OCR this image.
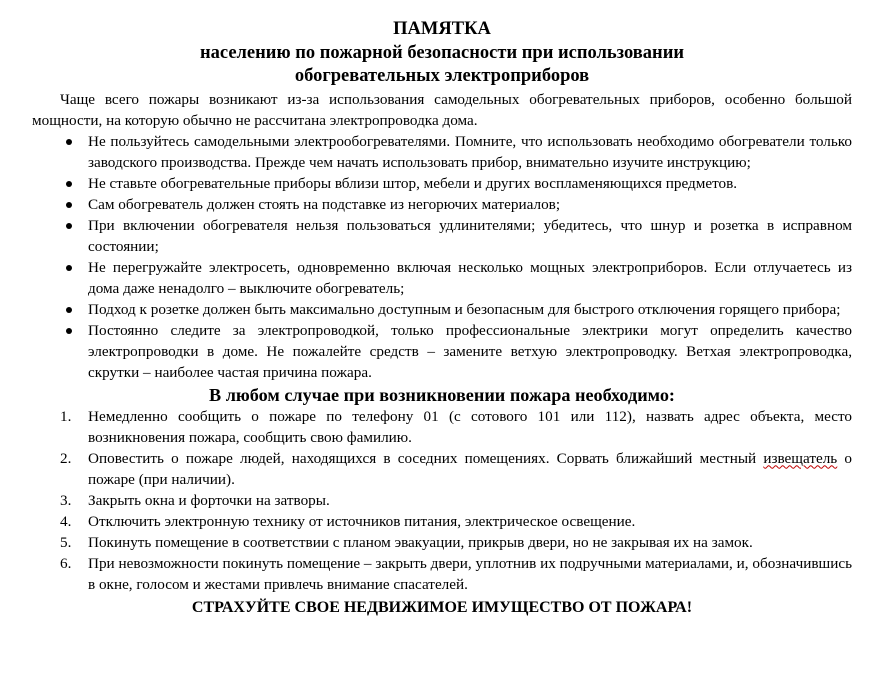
ПАМЯТКА

населению по пожарной безопасности при использовании

обогревательных электроприборов

Чаще всего пожары возникают из-за использования самодельных обогревательных приборов, особенно большой мощности, на которую обычно не рассчитана электропроводка дома.

Не пользуйтесь самодельными электрообогревателями. Помните, что использовать необходимо обогреватели только заводского производства. Прежде чем начать использовать прибор, внимательно изучите инструкцию;
Не ставьте обогревательные приборы вблизи штор, мебели и других воспламеняющихся предметов.
Сам обогреватель должен стоять на подставке из негорючих материалов;
При включении обогревателя нельзя пользоваться удлинителями; убедитесь, что шнур и розетка в исправном состоянии;
Не перегружайте электросеть, одновременно включая несколько мощных электроприборов. Если отлучаетесь из дома даже ненадолго – выключите обогреватель;
Подход к розетке должен быть максимально доступным и безопасным для быстрого отключения горящего прибора;
Постоянно следите за электропроводкой, только профессиональные электрики могут определить качество электропроводки в доме. Не пожалейте средств – замените ветхую электропроводку. Ветхая электропроводка, скрутки – наиболее частая причина пожара.

В любом случае при возникновении пожара необходимо:

1. Немедленно сообщить о пожаре по телефону 01 (с сотового 101 или 112), назвать адрес объекта, место возникновения пожара, сообщить свою фамилию.
2. Оповестить о пожаре людей, находящихся в соседних помещениях. Сорвать ближайший местный извещатель о пожаре (при наличии).
3. Закрыть окна и форточки на затворы.
4. Отключить электронную технику от источников питания, электрическое освещение.
5. Покинуть помещение в соответствии с планом эвакуации, прикрыв двери, но не закрывая их на замок.
6. При невозможности покинуть помещение – закрыть двери, уплотнив их подручными материалами, и, обозначившись в окне, голосом и жестами привлечь внимание спасателей.

СТРАХУЙТЕ СВОЕ НЕДВИЖИМОЕ ИМУЩЕСТВО ОТ ПОЖАРА!
